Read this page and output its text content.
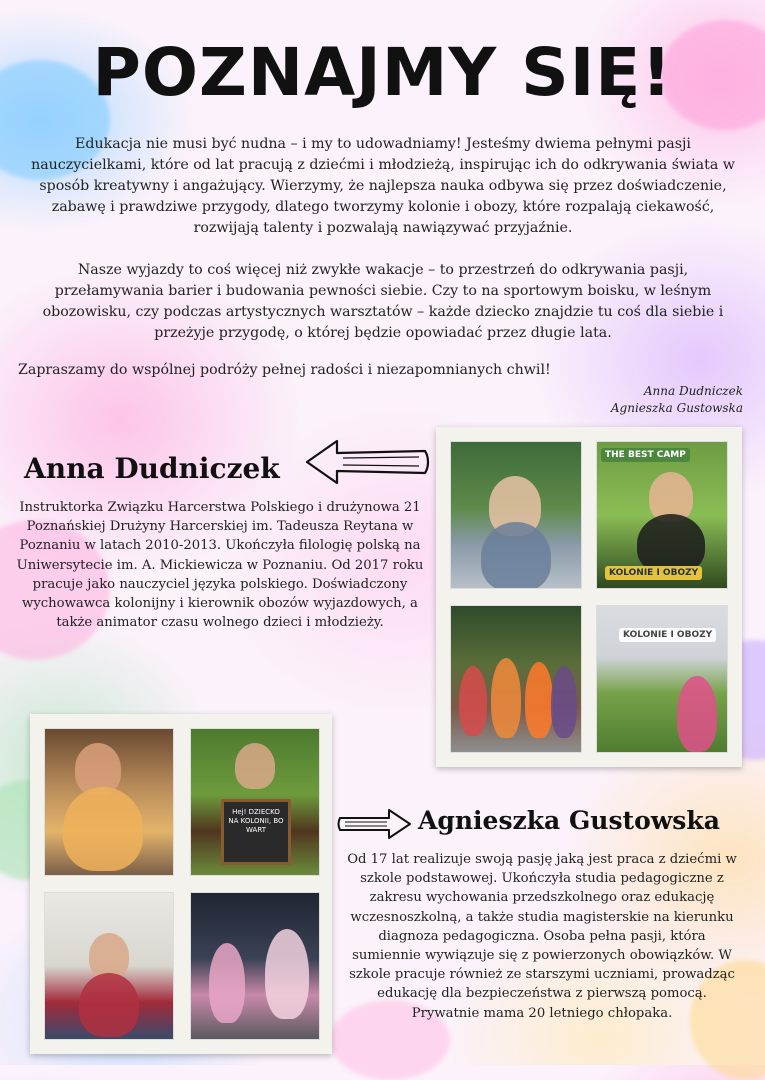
POZNAJMY SIĘ!

Edukacja nie musi być nudna – i my to udowadniamy! Jesteśmy dwiema pełnymi pasji nauczycielkami, które od lat pracują z dziećmi i młodzieżą, inspirując ich do odkrywania świata w sposób kreatywny i angażujący. Wierzymy, że najlepsza nauka odbywa się przez doświadczenie, zabawę i prawdziwe przygody, dlatego tworzymy kolonie i obozy, które rozpalają ciekawość, rozwijają talenty i pozwalają nawiązywać przyjaźnie.

Nasze wyjazdy to coś więcej niż zwykłe wakacje – to przestrzeń do odkrywania pasji, przełamywania barier i budowania pewności siebie. Czy to na sportowym boisku, w leśnym obozowisku, czy podczas artystycznych warsztatów – każde dziecko znajdzie tu coś dla siebie i przeżyje przygodę, o której będzie opowiadać przez długie lata.

Zapraszamy do wspólnej podróży pełnej radości i niezapomnianych chwil!

Anna Dudniczek
Agnieszka Gustowska
Anna Dudniczek

Instruktorka Związku Harcerstwa Polskiego i drużynowa 21 Poznańskiej Drużyny Harcerskiej im. Tadeusza Reytana w Poznaniu w latach 2010-2013. Ukończyła filologię polską na Uniwersytecie im. A. Mickiewicza w Poznaniu. Od 2017 roku pracuje jako nauczyciel języka polskiego. Doświadczony wychowawca kolonijny i kierownik obozów wyjazdowych, a także animator czasu wolnego dzieci i młodzieży.

THE BEST CAMP
KOLONIE I OBOZY
KOLONIE I OBOZY
Agnieszka Gustowska

Od 17 lat realizuje swoją pasję jaką jest praca z dziećmi w szkole podstawowej. Ukończyła studia pedagogiczne z zakresu wychowania przedszkolnego oraz edukację wczesnoszkolną, a także studia magisterskie na kierunku diagnoza pedagogiczna. Osoba pełna pasji, która sumiennie wywiązuje się z powierzonych obowiązków. W szkole pracuje również ze starszymi uczniami, prowadząc edukację dla bezpieczeństwa z pierwszą pomocą. Prywatnie mama 20 letniego chłopaka.

Hej! DZIECKO NA KOLONII, BO WART
